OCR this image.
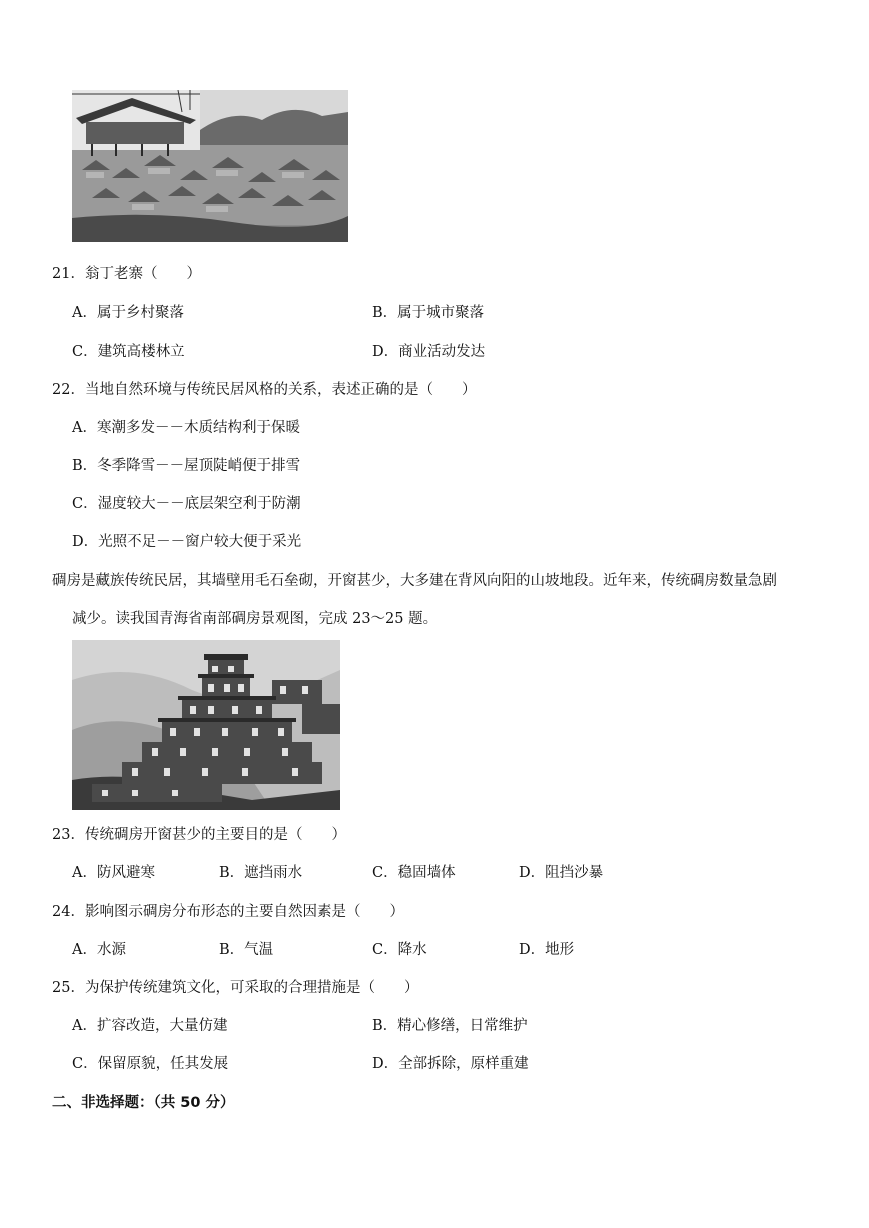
21．翁丁老寨（　　）
A．属于乡村聚落	B．属于城市聚落
C．建筑高楼林立	D．商业活动发达
22．当地自然环境与传统民居风格的关系，表述正确的是（　　）
A．寒潮多发－－木质结构利于保暖
B．冬季降雪－－屋顶陡峭便于排雪
C．湿度较大－－底层架空利于防潮
D．光照不足－－窗户较大便于采光
碉房是藏族传统民居，其墙壁用毛石垒砌，开窗甚少，大多建在背风向阳的山坡地段。近年来，传统碉房数量急剧
减少。读我国青海省南部碉房景观图，完成 23～25 题。
23．传统碉房开窗甚少的主要目的是（　　）
A．防风避寒	B．遮挡雨水	C．稳固墙体	D．阻挡沙暴
24．影响图示碉房分布形态的主要自然因素是（　　）
A．水源	B．气温	C．降水	D．地形
25．为保护传统建筑文化，可采取的合理措施是（　　）
A．扩容改造，大量仿建	B．精心修缮，日常维护
C．保留原貌，任其发展	D．全部拆除，原样重建
二、非选择题：（共 50 分）
